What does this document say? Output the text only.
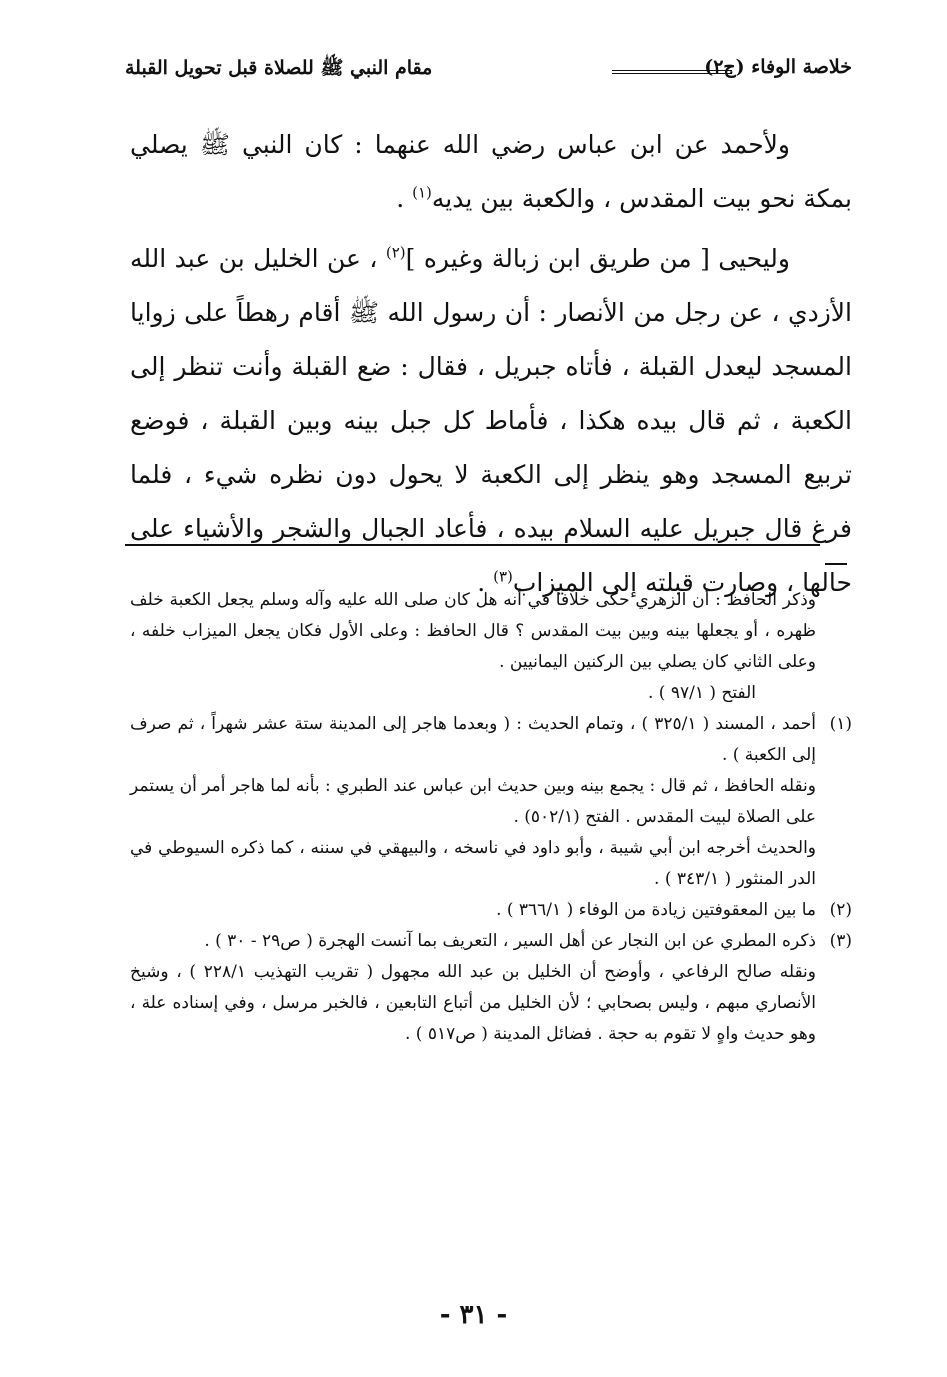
خلاصة الوفاء (ج٢)
مقام النبي ﷺ للصلاة قبل تحويل القبلة

ولأحمد عن ابن عباس رضي الله عنهما : كان النبي ﷺ يصلي بمكة نحو بيت المقدس ، والكعبة بين يديه$^{(١)}$ .

وليحيى [ من طريق ابن زبالة وغيره ]$^{(٢)}$ ، عن الخليل بن عبد الله الأزدي ، عن رجل من الأنصار : أن رسول الله ﷺ أقام رهطاً على زوايا المسجد ليعدل القبلة ، فأتاه جبريل ، فقال : ضع القبلة وأنت تنظر إلى الكعبة ، ثم قال بيده هكذا ، فأماط كل جبل بينه وبين القبلة ، فوضع تربيع المسجد وهو ينظر إلى الكعبة لا يحول دون نظره شيء ، فلما فرغ قال جبريل عليه السلام بيده ، فأعاد الجبال والشجر والأشياء على حالها ، وصارت قبلته إلى الميزاب$^{(٣)}$ .

وذكر الحافظ : أن الزهري حكى خلافاً في أنه هل كان صلى الله عليه وآله وسلم يجعل الكعبة خلف ظهره ، أو يجعلها بينه وبين بيت المقدس ؟ قال الحافظ : وعلى الأول فكان يجعل الميزاب خلفه ، وعلى الثاني كان يصلي بين الركنين اليمانيين .

الفتح ( ٩٧/١ ) .

(١)

أحمد ، المسند ( ٣٢٥/١ ) ، وتمام الحديث : ( وبعدما هاجر إلى المدينة ستة عشر شهراً ، ثم صرف إلى الكعبة ) .

ونقله الحافظ ، ثم قال : يجمع بينه وبين حديث ابن عباس عند الطبري : بأنه لما هاجر أمر أن يستمر على الصلاة لبيت المقدس . الفتح (٥٠٢/١) .

والحديث أخرجه ابن أبي شيبة ، وأبو داود في ناسخه ، والبيهقي في سننه ، كما ذكره السيوطي في الدر المنثور ( ٣٤٣/١ ) .

(٢)

ما بين المعقوفتين زيادة من الوفاء ( ٣٦٦/١ ) .

(٣)

ذكره المطري عن ابن النجار عن أهل السير ، التعريف بما آنست الهجرة ( ص٢٩ - ٣٠ ) .

ونقله صالح الرفاعي ، وأوضح أن الخليل بن عبد الله مجهول ( تقريب التهذيب ٢٢٨/١ ) ، وشيخ الأنصاري مبهم ، وليس بصحابي ؛ لأن الخليل من أتباع التابعين ، فالخبر مرسل ، وفي إسناده علة ، وهو حديث واهٍ لا تقوم به حجة . فضائل المدينة ( ص٥١٧ ) .

- ٣١ -
